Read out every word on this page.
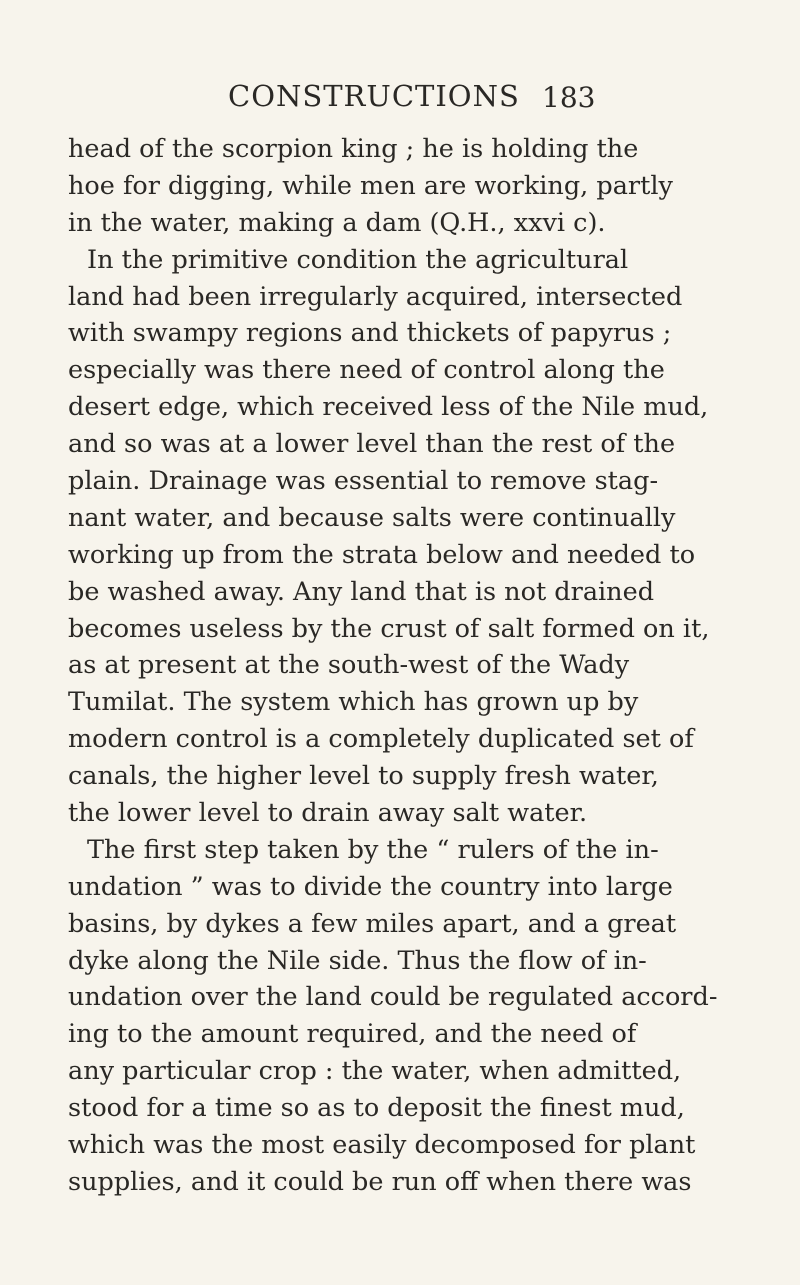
CONSTRUCTIONS 183
head of the scorpion king ; he is holding the
hoe for digging, while men are working, partly
in the water, making a dam (Q.H., xxvi c).
In the primitive condition the agricultural
land had been irregularly acquired, intersected
with swampy regions and thickets of papyrus ;
especially was there need of control along the
desert edge, which received less of the Nile mud,
and so was at a lower level than the rest of the
plain. Drainage was essential to remove stag-
nant water, and because salts were continually
working up from the strata below and needed to
be washed away. Any land that is not drained
becomes useless by the crust of salt formed on it,
as at present at the south-west of the Wady
Tumilat. The system which has grown up by
modern control is a completely duplicated set of
canals, the higher level to supply fresh water,
the lower level to drain away salt water.
The first step taken by the “ rulers of the in-
undation ” was to divide the country into large
basins, by dykes a few miles apart, and a great
dyke along the Nile side. Thus the flow of in-
undation over the land could be regulated accord-
ing to the amount required, and the need of
any particular crop : the water, when admitted,
stood for a time so as to deposit the finest mud,
which was the most easily decomposed for plant
supplies, and it could be run off when there was
